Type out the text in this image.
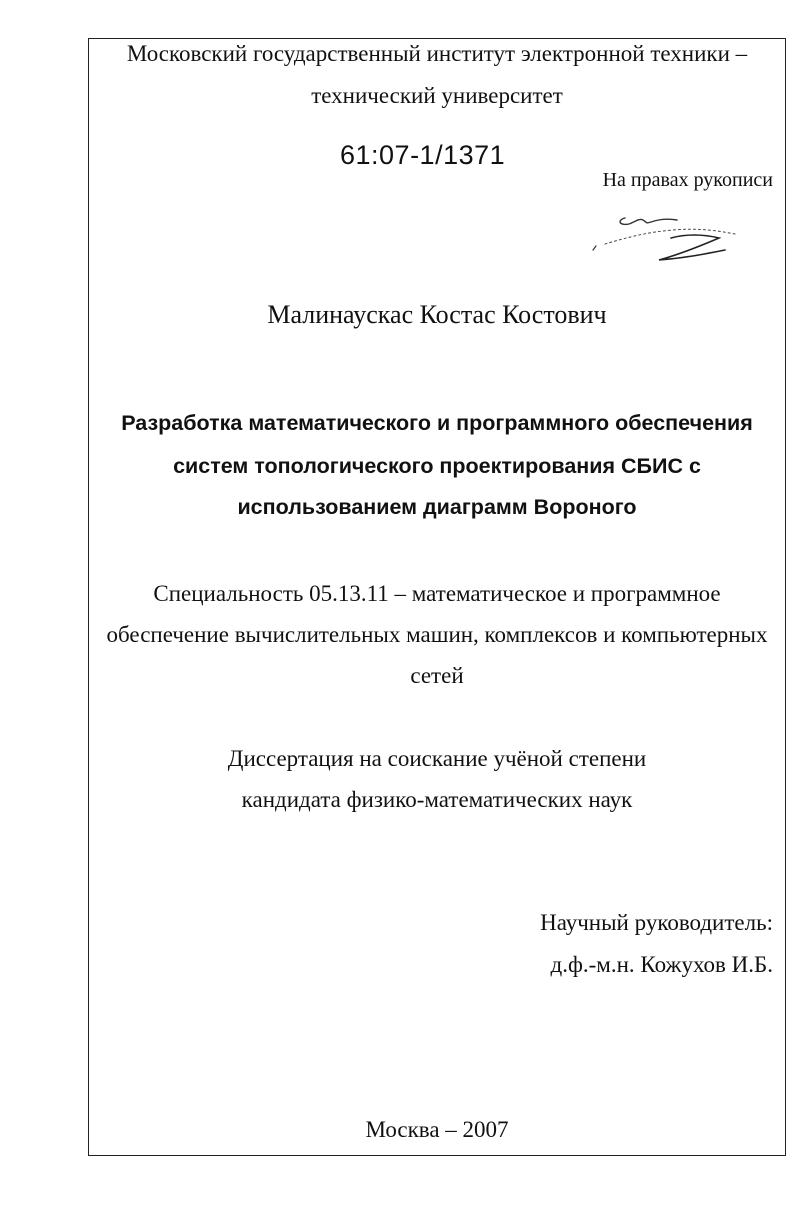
Московский государственный институт электронной техники –
технический университет
61:07-1/1371
На правах рукописи
Малинаускас Костас Костович
Разработка математического и программного обеспечения
систем топологического проектирования СБИС с
использованием диаграмм Вороного
Специальность 05.13.11 – математическое и программное
обеспечение вычислительных машин, комплексов и компьютерных
сетей
Диссертация на соискание учёной степени
кандидата физико-математических наук
Научный руководитель:
д.ф.-м.н. Кожухов И.Б.
Москва – 2007
